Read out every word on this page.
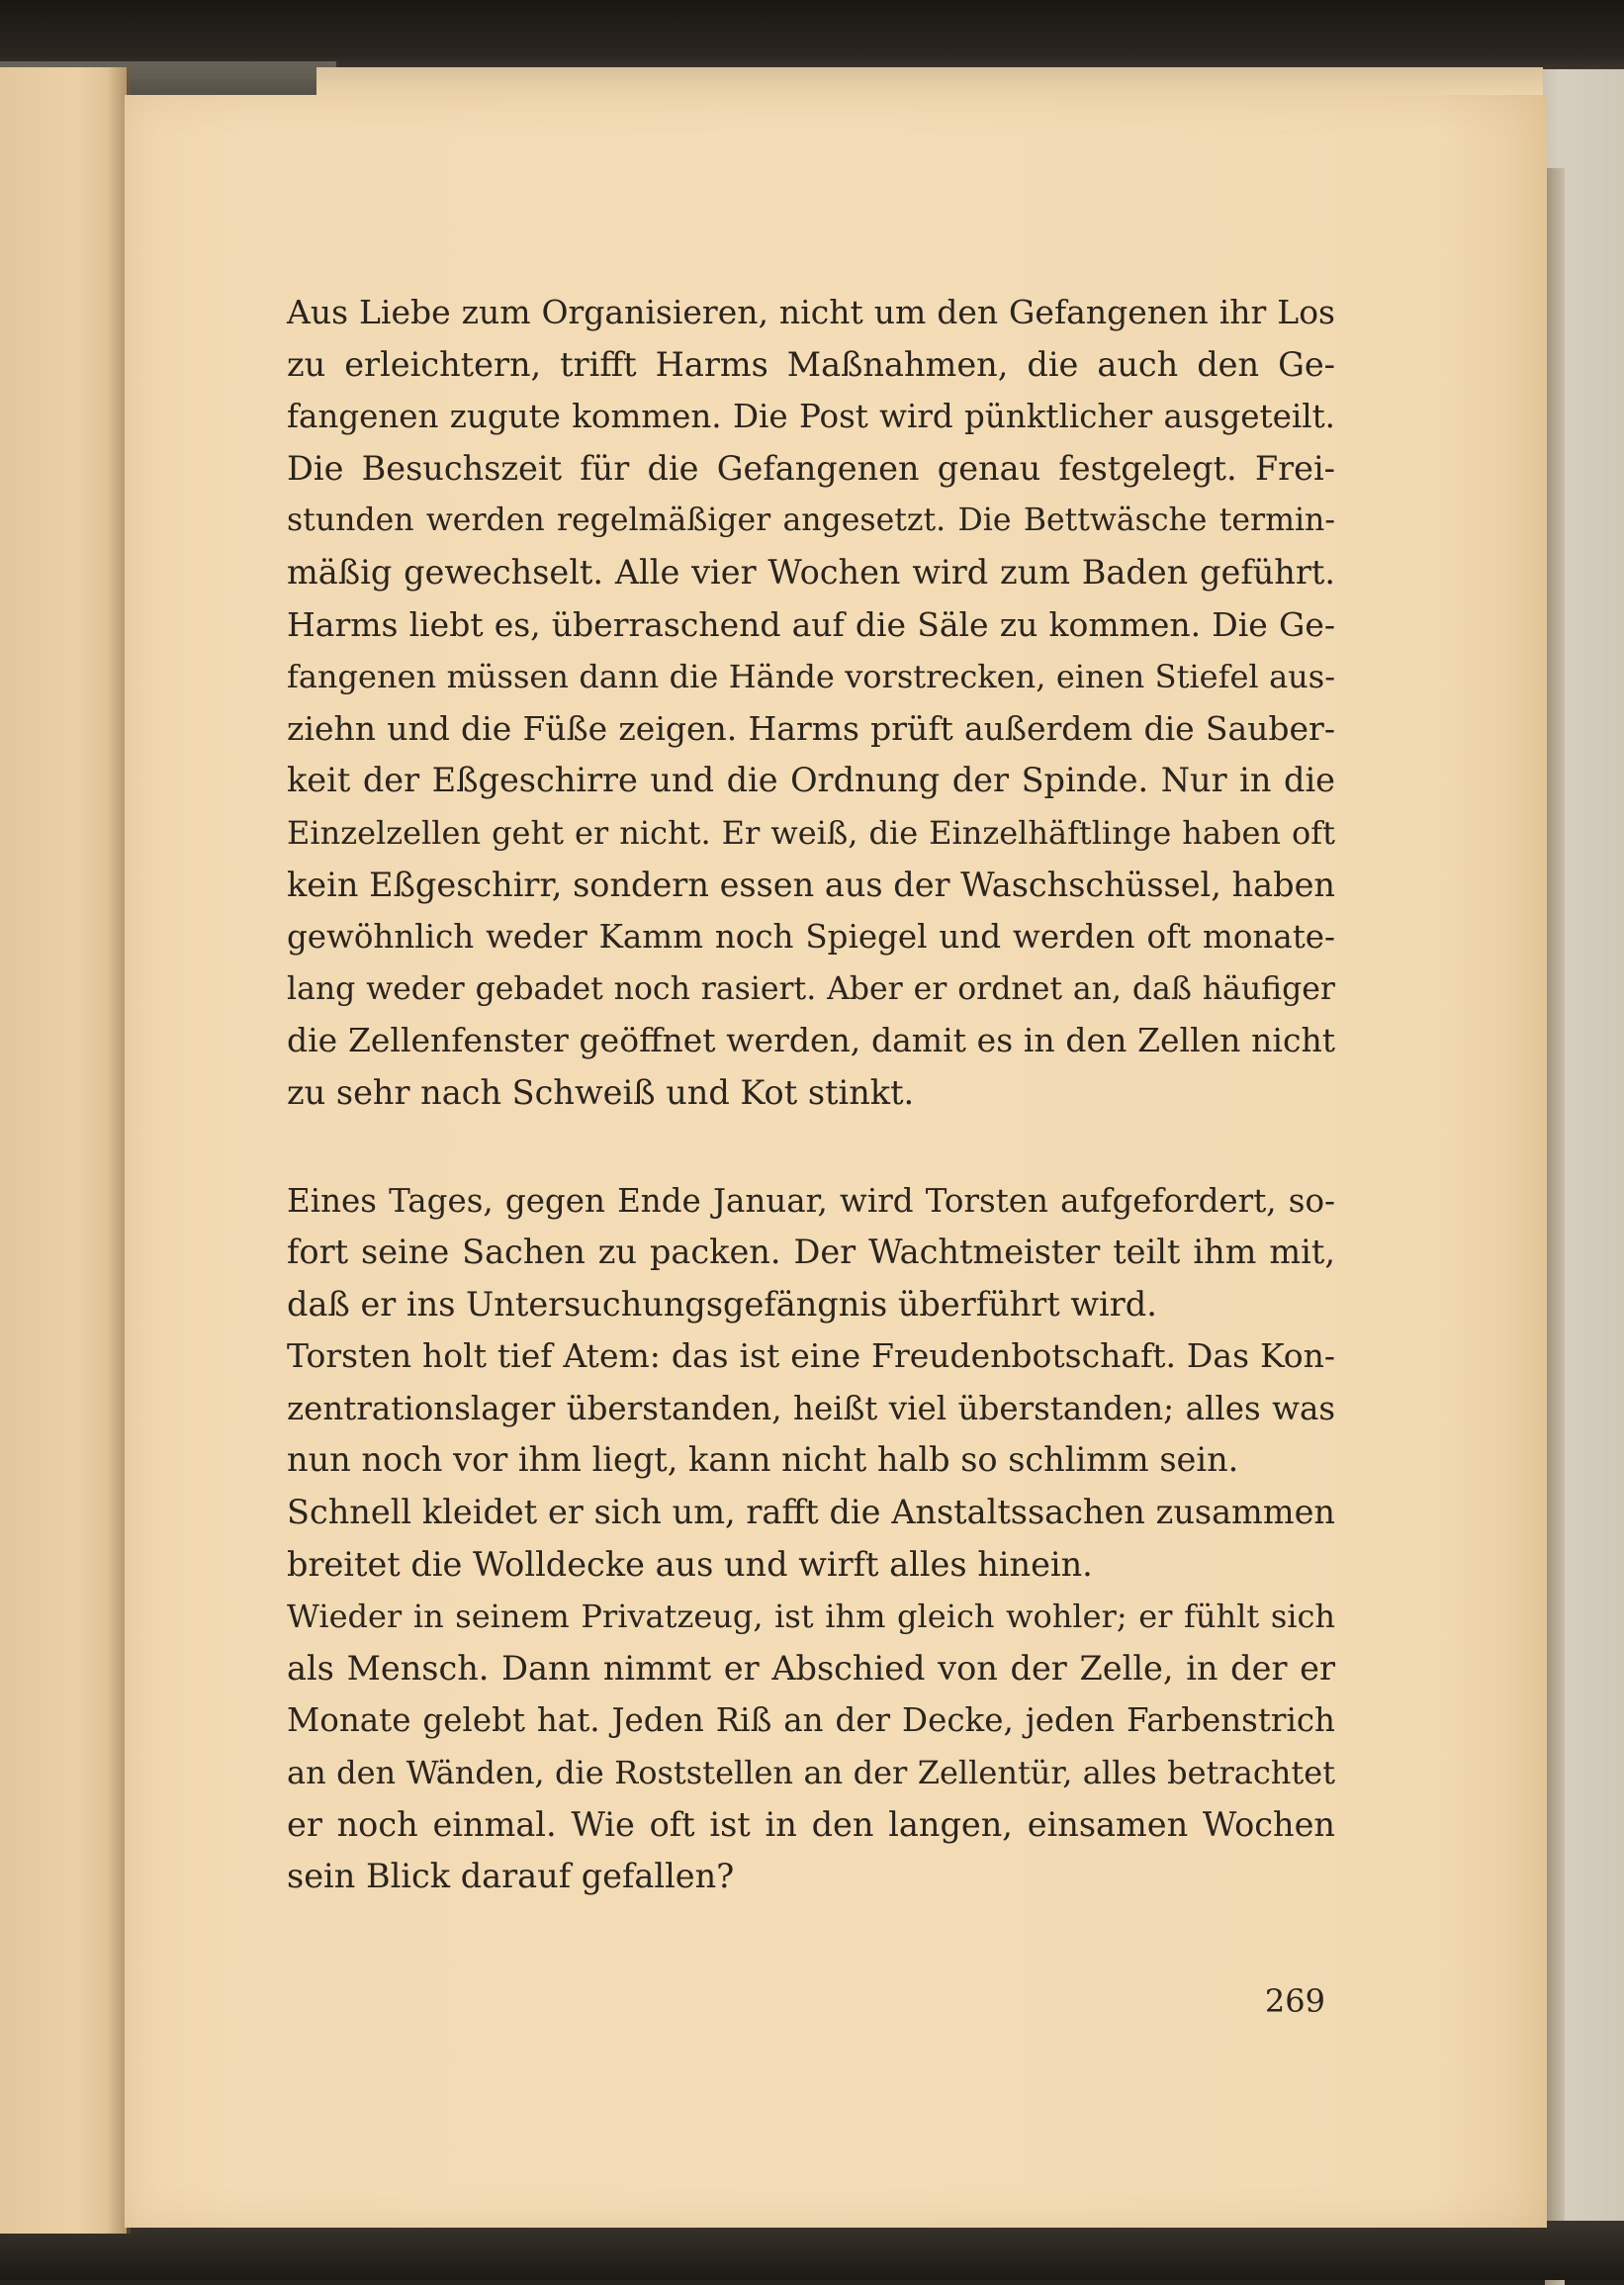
Aus Liebe zum Organisieren, nicht um den Gefangenen ihr Los
zu erleichtern, trifft Harms Maßnahmen, die auch den Ge-
fangenen zugute kommen. Die Post wird pünktlicher ausgeteilt.
Die Besuchszeit für die Gefangenen genau festgelegt. Frei-
stunden werden regelmäßiger angesetzt. Die Bettwäsche termin-
mäßig gewechselt. Alle vier Wochen wird zum Baden geführt.
Harms liebt es, überraschend auf die Säle zu kommen. Die Ge-
fangenen müssen dann die Hände vorstrecken, einen Stiefel aus-
ziehn und die Füße zeigen. Harms prüft außerdem die Sauber-
keit der Eßgeschirre und die Ordnung der Spinde. Nur in die
Einzelzellen geht er nicht. Er weiß, die Einzelhäftlinge haben oft
kein Eßgeschirr, sondern essen aus der Waschschüssel, haben
gewöhnlich weder Kamm noch Spiegel und werden oft monate-
lang weder gebadet noch rasiert. Aber er ordnet an, daß häufiger
die Zellenfenster geöffnet werden, damit es in den Zellen nicht
zu sehr nach Schweiß und Kot stinkt.
Eines Tages, gegen Ende Januar, wird Torsten aufgefordert, so-
fort seine Sachen zu packen. Der Wachtmeister teilt ihm mit,
daß er ins Untersuchungsgefängnis überführt wird.
Torsten holt tief Atem: das ist eine Freudenbotschaft. Das Kon-
zentrationslager überstanden, heißt viel überstanden; alles was
nun noch vor ihm liegt, kann nicht halb so schlimm sein.
Schnell kleidet er sich um, rafft die Anstaltssachen zusammen
breitet die Wolldecke aus und wirft alles hinein.
Wieder in seinem Privatzeug, ist ihm gleich wohler; er fühlt sich
als Mensch. Dann nimmt er Abschied von der Zelle, in der er
Monate gelebt hat. Jeden Riß an der Decke, jeden Farbenstrich
an den Wänden, die Roststellen an der Zellentür, alles betrachtet
er noch einmal. Wie oft ist in den langen, einsamen Wochen
sein Blick darauf gefallen?
269
